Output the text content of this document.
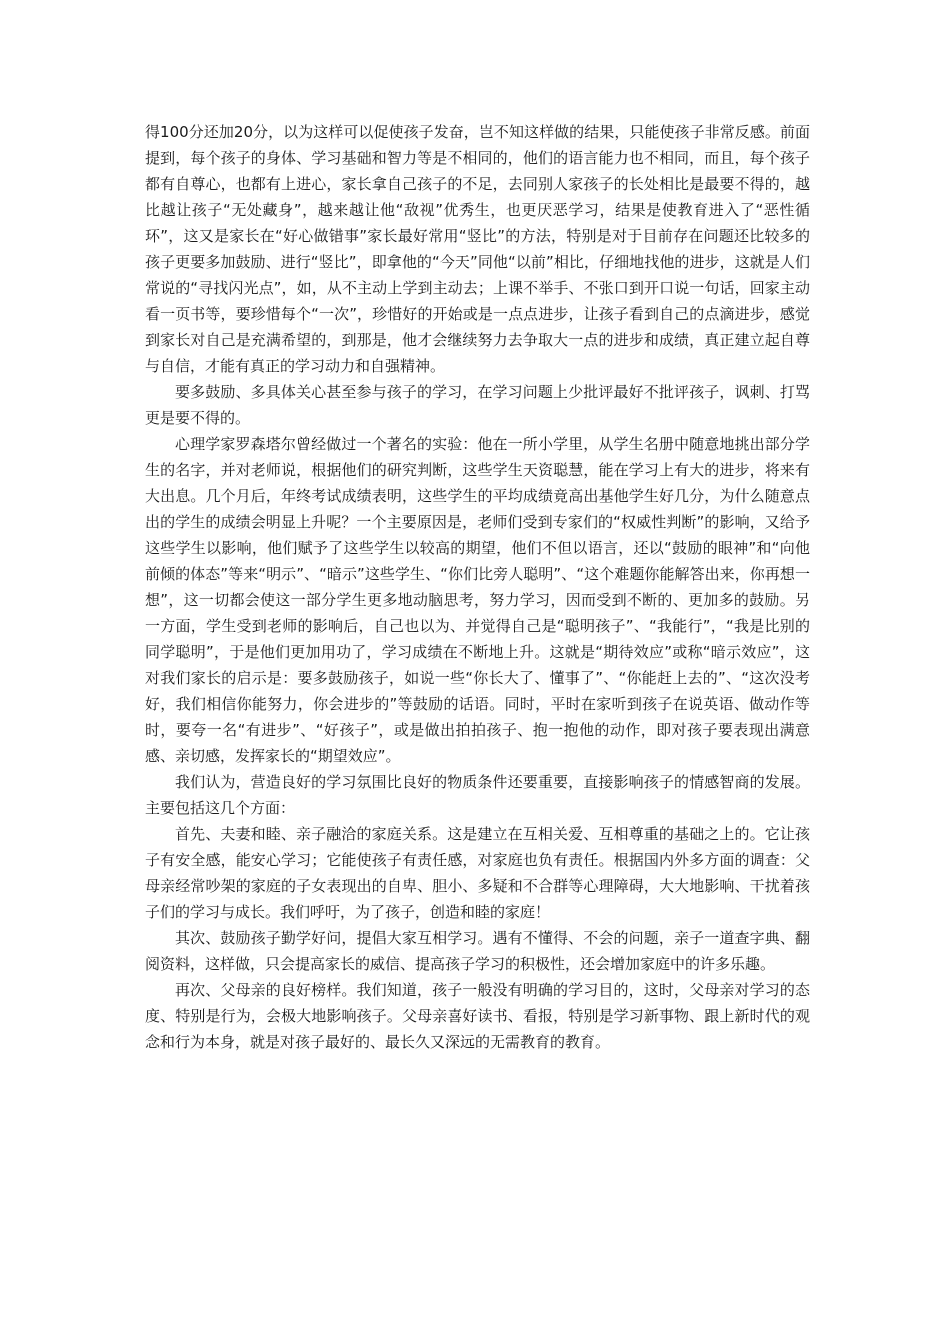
得100分还加20分，以为这样可以促使孩子发奋，岂不知这样做的结果，只能使孩子非常反感。前面提到，每个孩子的身体、学习基础和智力等是不相同的，他们的语言能力也不相同，而且，每个孩子都有自尊心，也都有上进心，家长拿自己孩子的不足，去同别人家孩子的长处相比是最要不得的，越比越让孩子“无处藏身”，越来越让他“敌视”优秀生，也更厌恶学习，结果是使教育进入了“恶性循环”，这又是家长在“好心做错事”家长最好常用“竖比”的方法，特别是对于目前存在问题还比较多的孩子更要多加鼓励、进行“竖比”，即拿他的“今天”同他“以前”相比，仔细地找他的进步，这就是人们常说的“寻找闪光点”，如，从不主动上学到主动去；上课不举手、不张口到开口说一句话，回家主动看一页书等，要珍惜每个“一次”，珍惜好的开始或是一点点进步，让孩子看到自己的点滴进步，感觉到家长对自己是充满希望的，到那是，他才会继续努力去争取大一点的进步和成绩，真正建立起自尊与自信，才能有真正的学习动力和自强精神。

要多鼓励、多具体关心甚至参与孩子的学习，在学习问题上少批评最好不批评孩子，讽刺、打骂更是要不得的。

心理学家罗森塔尔曾经做过一个著名的实验：他在一所小学里，从学生名册中随意地挑出部分学生的名字，并对老师说，根据他们的研究判断，这些学生天资聪慧，能在学习上有大的进步，将来有大出息。几个月后，年终考试成绩表明，这些学生的平均成绩竟高出基他学生好几分，为什么随意点出的学生的成绩会明显上升呢？一个主要原因是，老师们受到专家们的“权威性判断”的影响，又给予这些学生以影响，他们赋予了这些学生以较高的期望，他们不但以语言，还以“鼓励的眼神”和“向他前倾的体态”等来“明示”、“暗示”这些学生、“你们比旁人聪明”、“这个难题你能解答出来，你再想一想”，这一切都会使这一部分学生更多地动脑思考，努力学习，因而受到不断的、更加多的鼓励。另一方面，学生受到老师的影响后，自己也以为、并觉得自己是“聪明孩子”、“我能行”，“我是比别的同学聪明”，于是他们更加用功了，学习成绩在不断地上升。这就是“期待效应”或称“暗示效应”，这对我们家长的启示是：要多鼓励孩子，如说一些“你长大了、懂事了”、“你能赶上去的”、“这次没考好，我们相信你能努力，你会进步的”等鼓励的话语。同时，平时在家听到孩子在说英语、做动作等时，要夸一名“有进步”、“好孩子”，或是做出拍拍孩子、抱一抱他的动作，即对孩子要表现出满意感、亲切感，发挥家长的“期望效应”。

我们认为，营造良好的学习氛围比良好的物质条件还要重要，直接影响孩子的情感智商的发展。主要包括这几个方面：

首先、夫妻和睦、亲子融洽的家庭关系。这是建立在互相关爱、互相尊重的基础之上的。它让孩子有安全感，能安心学习；它能使孩子有责任感，对家庭也负有责任。根据国内外多方面的调查：父母亲经常吵架的家庭的子女表现出的自卑、胆小、多疑和不合群等心理障碍，大大地影响、干扰着孩子们的学习与成长。我们呼吁，为了孩子，创造和睦的家庭！

其次、鼓励孩子勤学好问，提倡大家互相学习。遇有不懂得、不会的问题，亲子一道查字典、翻阅资料，这样做，只会提高家长的威信、提高孩子学习的积极性，还会增加家庭中的许多乐趣。

再次、父母亲的良好榜样。我们知道，孩子一般没有明确的学习目的，这时，父母亲对学习的态度、特别是行为，会极大地影响孩子。父母亲喜好读书、看报，特别是学习新事物、跟上新时代的观念和行为本身，就是对孩子最好的、最长久又深远的无需教育的教育。
